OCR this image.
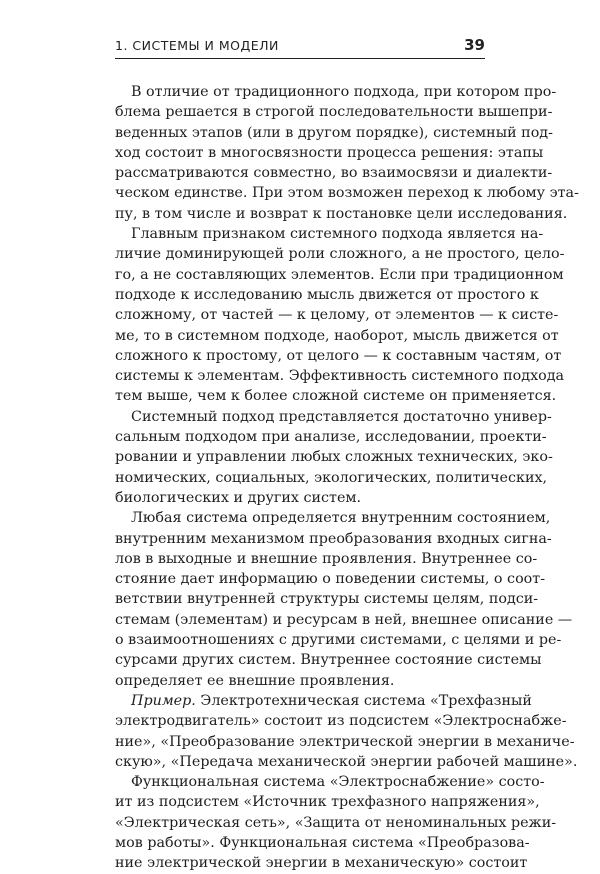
1. СИСТЕМЫ И МОДЕЛИ	39
В отличие от традиционного подхода, при котором про-
блема решается в строгой последовательности вышепри-
веденных этапов (или в другом порядке), системный под-
ход состоит в многосвязности процесса решения: этапы
рассматриваются совместно, во взаимосвязи и диалекти-
ческом единстве. При этом возможен переход к любому эта-
пу, в том числе и возврат к постановке цели исследования.
Главным признаком системного подхода является на-
личие доминирующей роли сложного, а не простого, цело-
го, а не составляющих элементов. Если при традиционном
подходе к исследованию мысль движется от простого к
сложному, от частей — к целому, от элементов — к систе-
ме, то в системном подходе, наоборот, мысль движется от
сложного к простому, от целого — к составным частям, от
системы к элементам. Эффективность системного подхода
тем выше, чем к более сложной системе он применяется.
Системный подход представляется достаточно универ-
сальным подходом при анализе, исследовании, проекти-
ровании и управлении любых сложных технических, эко-
номических, социальных, экологических, политических,
биологических и других систем.
Любая система определяется внутренним состоянием,
внутренним механизмом преобразования входных сигна-
лов в выходные и внешние проявления. Внутреннее со-
стояние дает информацию о поведении системы, о соот-
ветствии внутренней структуры системы целям, подси-
стемам (элементам) и ресурсам в ней, внешнее описание —
о взаимоотношениях с другими системами, с целями и ре-
сурсами других систем. Внутреннее состояние системы
определяет ее внешние проявления.
Пример. Электротехническая система «Трехфазный
электродвигатель» состоит из подсистем «Электроснабже-
ние», «Преобразование электрической энергии в механиче-
скую», «Передача механической энергии рабочей машине».
Функциональная система «Электроснабжение» состо-
ит из подсистем «Источник трехфазного напряжения»,
«Электрическая сеть», «Защита от неноминальных режи-
мов работы». Функциональная система «Преобразова-
ние электрической энергии в механическую» состоит
